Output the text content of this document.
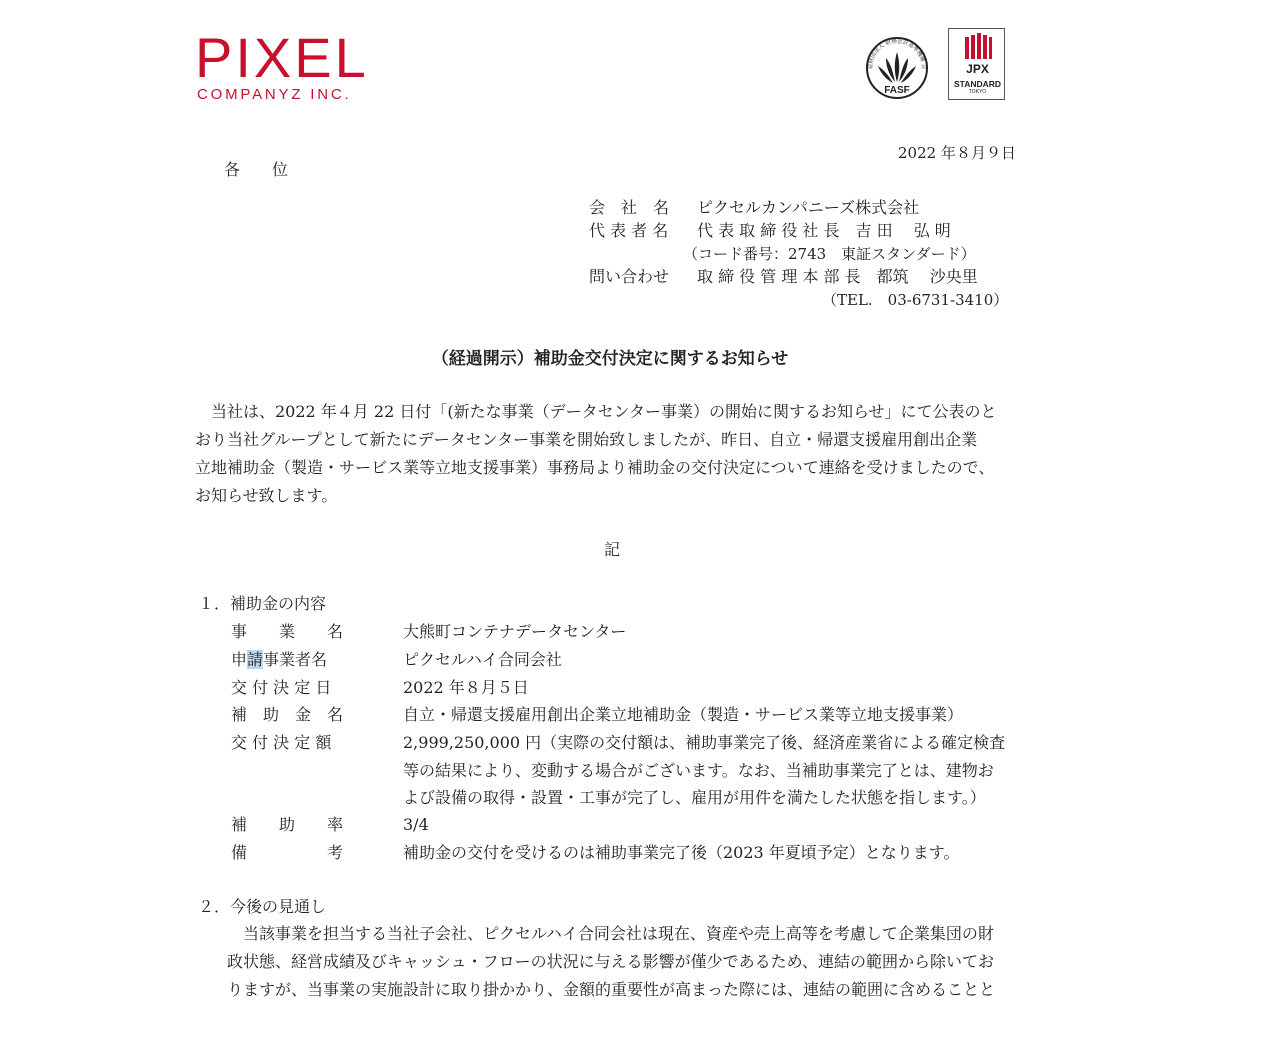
PIXEL
COMPANYZ INC.
益財団法人 財務会計基準機構 会
FASF
JPX
STANDARD
TOKYO
2022 年８月９日
各　　位
会　社　名 ピクセルカンパニーズ株式会社
代 表 者 名 代 表 取 締 役 社 長　吉 田　 弘 明
（コード番号：2743　東証スタンダード）
問い合わせ 取 締 役 管 理 本 部 長　都筑　 沙央里
（TEL.　03-6731-3410）
（経過開示）補助金交付決定に関するお知らせ
当社は、2022 年４月 22 日付「(新たな事業（データセンター事業）の開始に関するお知らせ」にて公表のと
おり当社グループとして新たにデータセンター事業を開始致しましたが、昨日、自立・帰還支援雇用創出企業
立地補助金（製造・サービス業等立地支援事業）事務局より補助金の交付決定について連絡を受けましたので、
お知らせ致します。
記
１．補助金の内容
事　　業　　名	大熊町コンテナデータセンター
申請事業者名	ピクセルハイ合同会社
交 付 決 定 日	2022 年８月５日
補　助　金　名	自立・帰還支援雇用創出企業立地補助金（製造・サービス業等立地支援事業）
交 付 決 定 額	2,999,250,000 円（実際の交付額は、補助事業完了後、経済産業省による確定検査
等の結果により、変動する場合がございます。なお、当補助事業完了とは、建物お
よび設備の取得・設置・工事が完了し、雇用が用件を満たした状態を指します。）
補　　助　　率	3/4
備　　　　　考	補助金の交付を受けるのは補助事業完了後（2023 年夏頃予定）となります。
２．今後の見通し
当該事業を担当する当社子会社、ピクセルハイ合同会社は現在、資産や売上高等を考慮して企業集団の財
政状態、経営成績及びキャッシュ・フローの状況に与える影響が僅少であるため、連結の範囲から除いてお
りますが、当事業の実施設計に取り掛かかり、金額的重要性が高まった際には、連結の範囲に含めることと
